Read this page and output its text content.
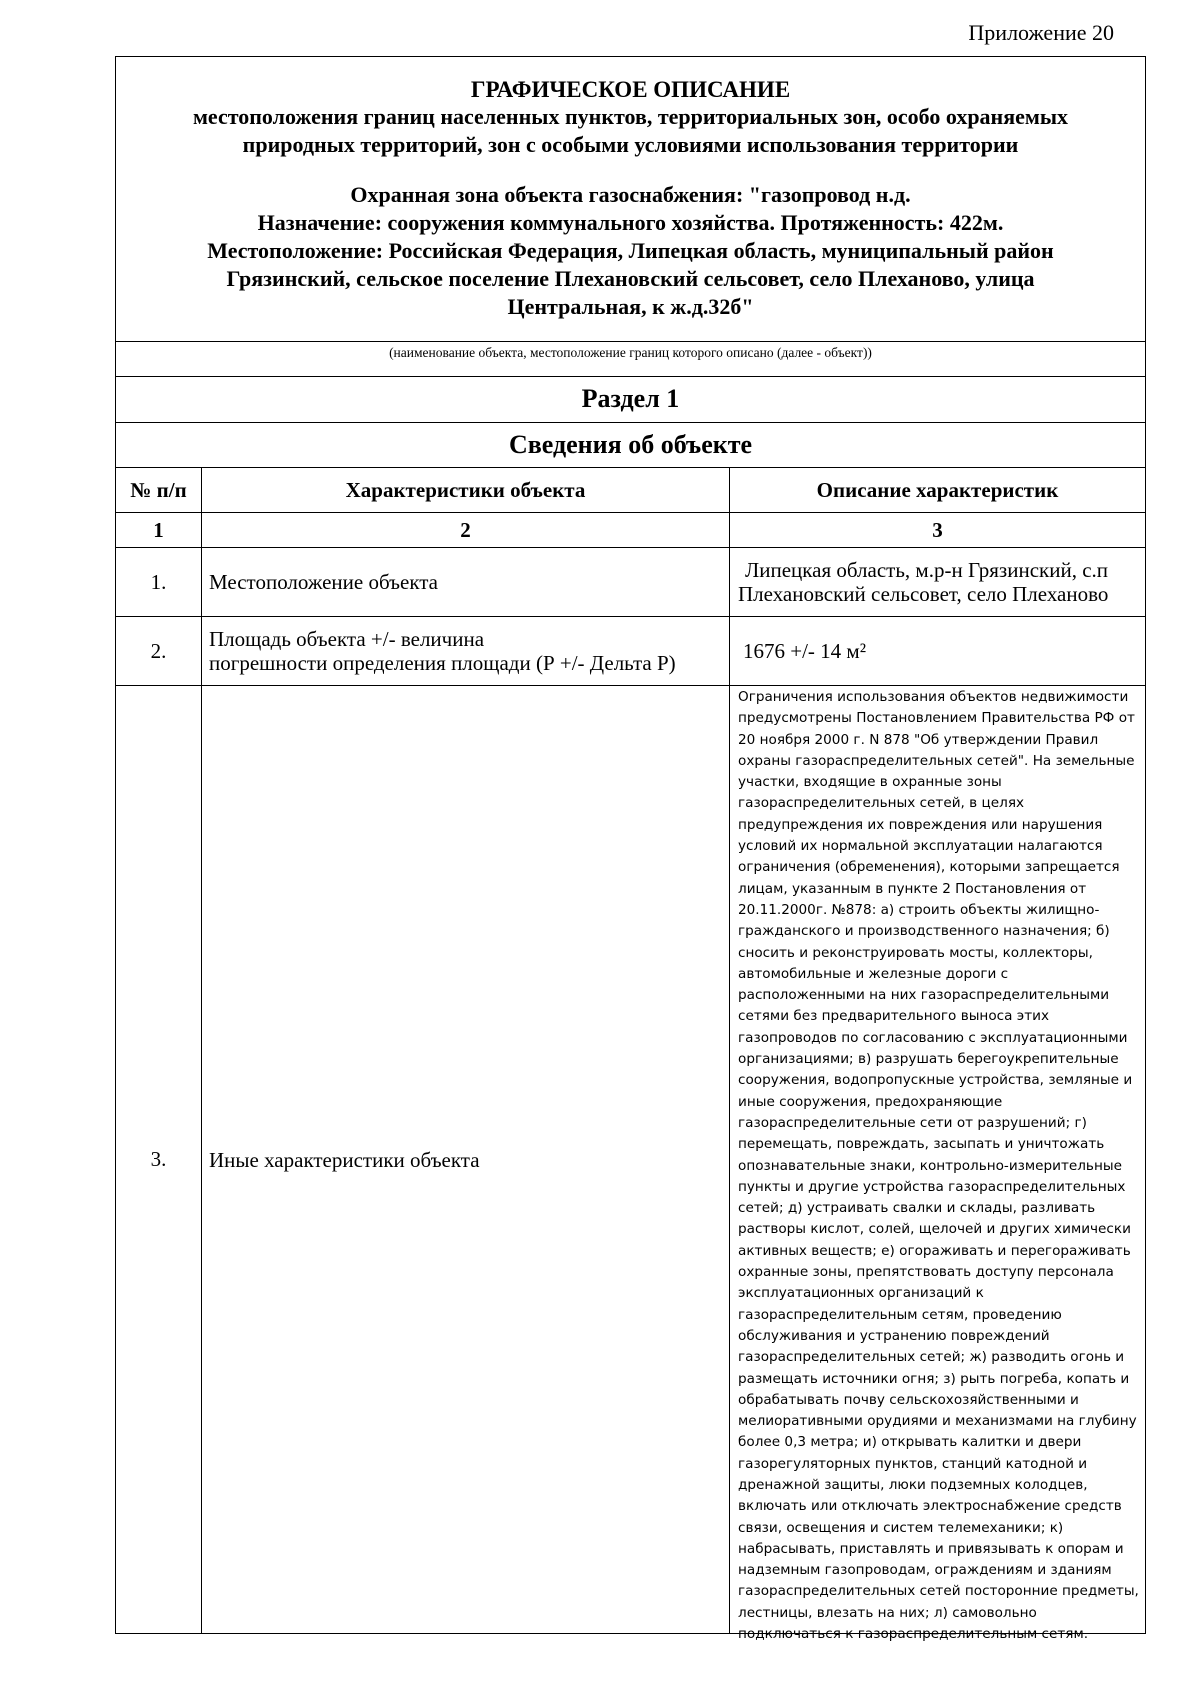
Приложение 20
ГРАФИЧЕСКОЕ ОПИСАНИЕ
местоположения границ населенных пунктов, территориальных зон, особо охраняемых
природных территорий, зон с особыми условиями использования территории
Охранная зона объекта газоснабжения: "газопровод н.д.
Назначение: сооружения коммунального хозяйства. Протяженность: 422м.
Местоположение: Российская Федерация, Липецкая область, муниципальный район
Грязинский, сельское поселение Плехановский сельсовет, село Плеханово, улица
Центральная, к ж.д.32б"
(наименование объекта, местоположение границ которого описано (далее - объект))
Раздел 1
Сведения об объекте
№ п/п	Характеристики объекта	Описание характеристик
1	2	3
1.	Местоположение объекта	Липецкая область, м.р-н Грязинский, с.п
Плехановский сельсовет, село Плеханово
2.	Площадь объекта +/- величина
погрешности определения площади (Р +/- Дельта Р)	1676 +/- 14 м²
3.	Иные характеристики объекта
Ограничения использования объектов недвижимости предусмотрены Постановлением Правительства РФ от 20 ноября 2000 г. N 878 "Об утверждении Правил охраны газораспределительных сетей". На земельные участки, входящие в охранные зоны газораспределительных сетей, в целях предупреждения их повреждения или нарушения условий их нормальной эксплуатации налагаются ограничения (обременения), которыми запрещается лицам, указанным в пункте 2 Постановления от 20.11.2000г. №878: а) строить объекты жилищно-гражданского и производственного назначения; б) сносить и реконструировать мосты, коллекторы, автомобильные и железные дороги с расположенными на них газораспределительными сетями без предварительного выноса этих газопроводов по согласованию с эксплуатационными организациями; в) разрушать берегоукрепительные сооружения, водопропускные устройства, земляные и иные сооружения, предохраняющие газораспределительные сети от разрушений; г) перемещать, повреждать, засыпать и уничтожать опознавательные знаки, контрольно-измерительные пункты и другие устройства газораспределительных сетей; д) устраивать свалки и склады, разливать растворы кислот, солей, щелочей и других химически активных веществ; е) огораживать и перегораживать охранные зоны, препятствовать доступу персонала эксплуатационных организаций к газораспределительным сетям, проведению обслуживания и устранению повреждений газораспределительных сетей; ж) разводить огонь и размещать источники огня; з) рыть погреба, копать и обрабатывать почву сельскохозяйственными и мелиоративными орудиями и механизмами на глубину более 0,3 метра; и) открывать калитки и двери газорегуляторных пунктов, станций катодной и дренажной защиты, люки подземных колодцев, включать или отключать электроснабжение средств связи, освещения и систем телемеханики; к) набрасывать, приставлять и привязывать к опорам и надземным газопроводам, ограждениям и зданиям газораспределительных сетей посторонние предметы, лестницы, влезать на них; л) самовольно подключаться к газораспределительным сетям.
